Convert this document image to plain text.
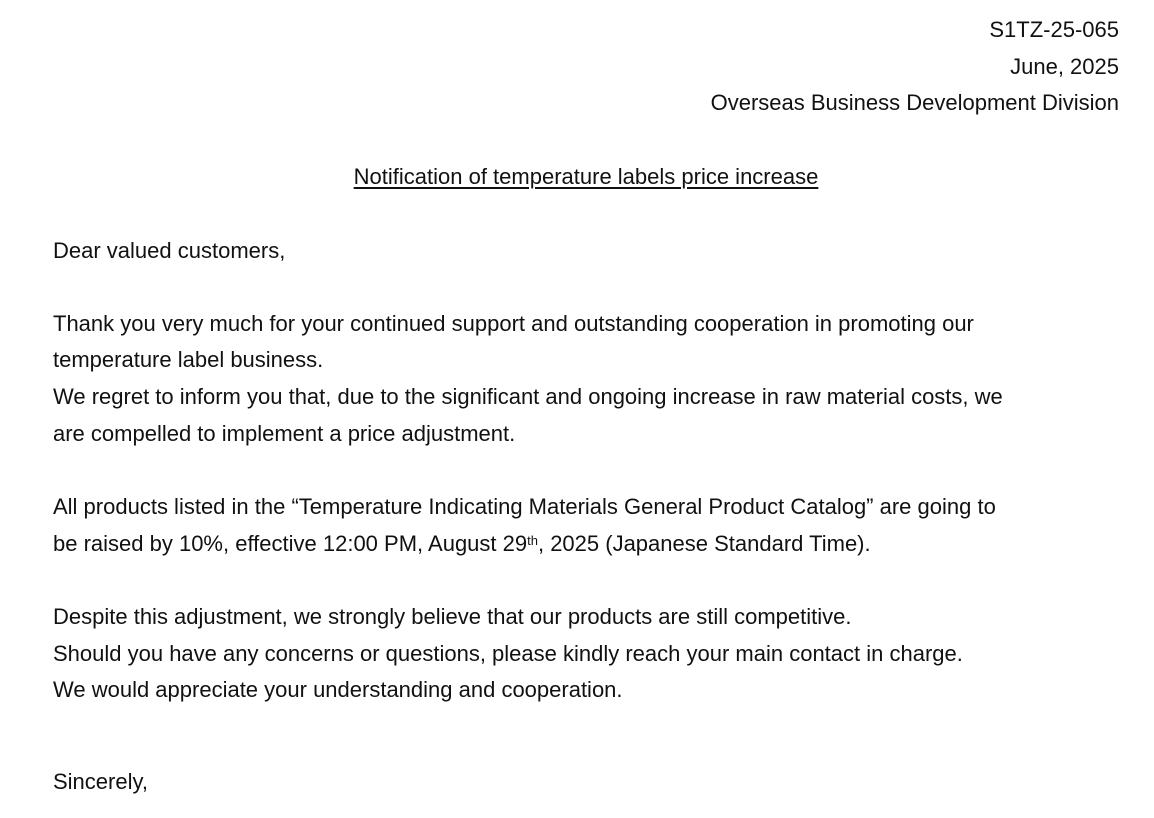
S1TZ-25-065
June, 2025
Overseas Business Development Division
Notification of temperature labels price increase
Dear valued customers,
Thank you very much for your continued support and outstanding cooperation in promoting our
temperature label business.
We regret to inform you that, due to the significant and ongoing increase in raw material costs, we
are compelled to implement a price adjustment.
All products listed in the “Temperature Indicating Materials General Product Catalog” are going to
be raised by 10%, effective 12:00 PM, August 29th, 2025 (Japanese Standard Time).
Despite this adjustment, we strongly believe that our products are still competitive.
Should you have any concerns or questions, please kindly reach your main contact in charge.
We would appreciate your understanding and cooperation.
Sincerely,
